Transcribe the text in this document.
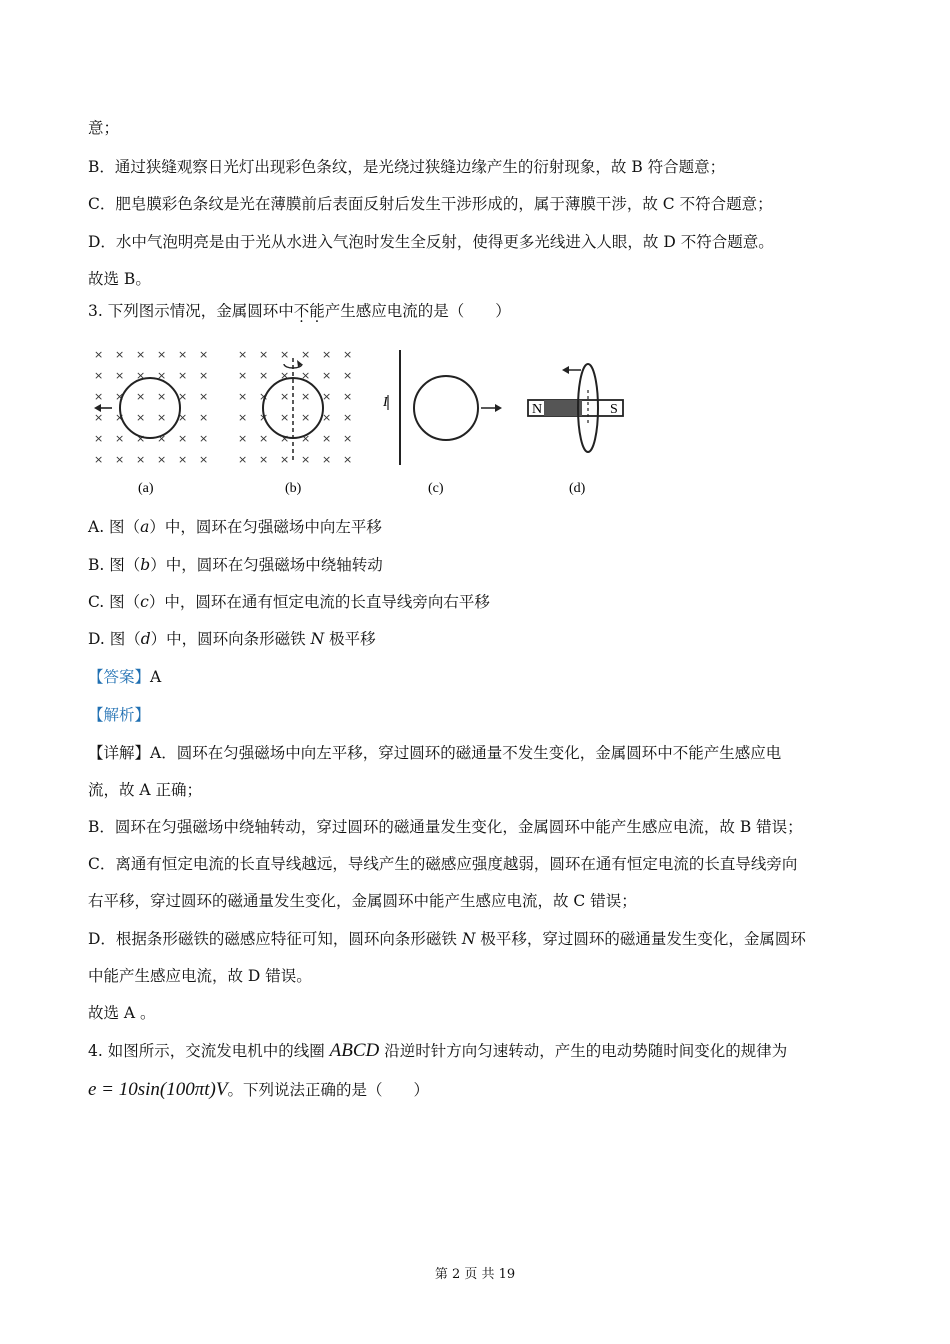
意；
B．通过狭缝观察日光灯出现彩色条纹，是光绕过狭缝边缘产生的衍射现象，故 B 符合题意；
C．肥皂膜彩色条纹是光在薄膜前后表面反射后发生干涉形成的，属于薄膜干涉，故 C 不符合题意；
D．水中气泡明亮是由于光从水进入气泡时发生全反射，使得更多光线进入人眼，故 D 不符合题意。
故选 B。
3. 下列图示情况，金属圆环中不能产生感应电流的是（　　）
× × × × × ×
× × × × × ×
× × × × × ×
× × × × × ×
× × × × × ×
× × × × × ×
× × × × × ×
× × × × × ×
× × × × × ×
× × × × × ×
× × × × × ×
× × × × × ×
I	N	S
(a)	(b)	(c)	(d)
A. 图（a）中，圆环在匀强磁场中向左平移
B. 图（b）中，圆环在匀强磁场中绕轴转动
C. 图（c）中，圆环在通有恒定电流的长直导线旁向右平移
D. 图（d）中，圆环向条形磁铁 N 极平移
【答案】A
【解析】
【详解】A．圆环在匀强磁场中向左平移，穿过圆环的磁通量不发生变化，金属圆环中不能产生感应电
流，故 A 正确；
B．圆环在匀强磁场中绕轴转动，穿过圆环的磁通量发生变化，金属圆环中能产生感应电流，故 B 错误；
C．离通有恒定电流的长直导线越远，导线产生的磁感应强度越弱，圆环在通有恒定电流的长直导线旁向
右平移，穿过圆环的磁通量发生变化，金属圆环中能产生感应电流，故 C 错误；
D．根据条形磁铁的磁感应特征可知，圆环向条形磁铁 N 极平移，穿过圆环的磁通量发生变化，金属圆环
中能产生感应电流，故 D 错误。
故选 A 。
4. 如图所示，交流发电机中的线圈 ABCD 沿逆时针方向匀速转动，产生的电动势随时间变化的规律为
e = 10sin(100πt)V。下列说法正确的是（　　）
第 2 页 共 19
